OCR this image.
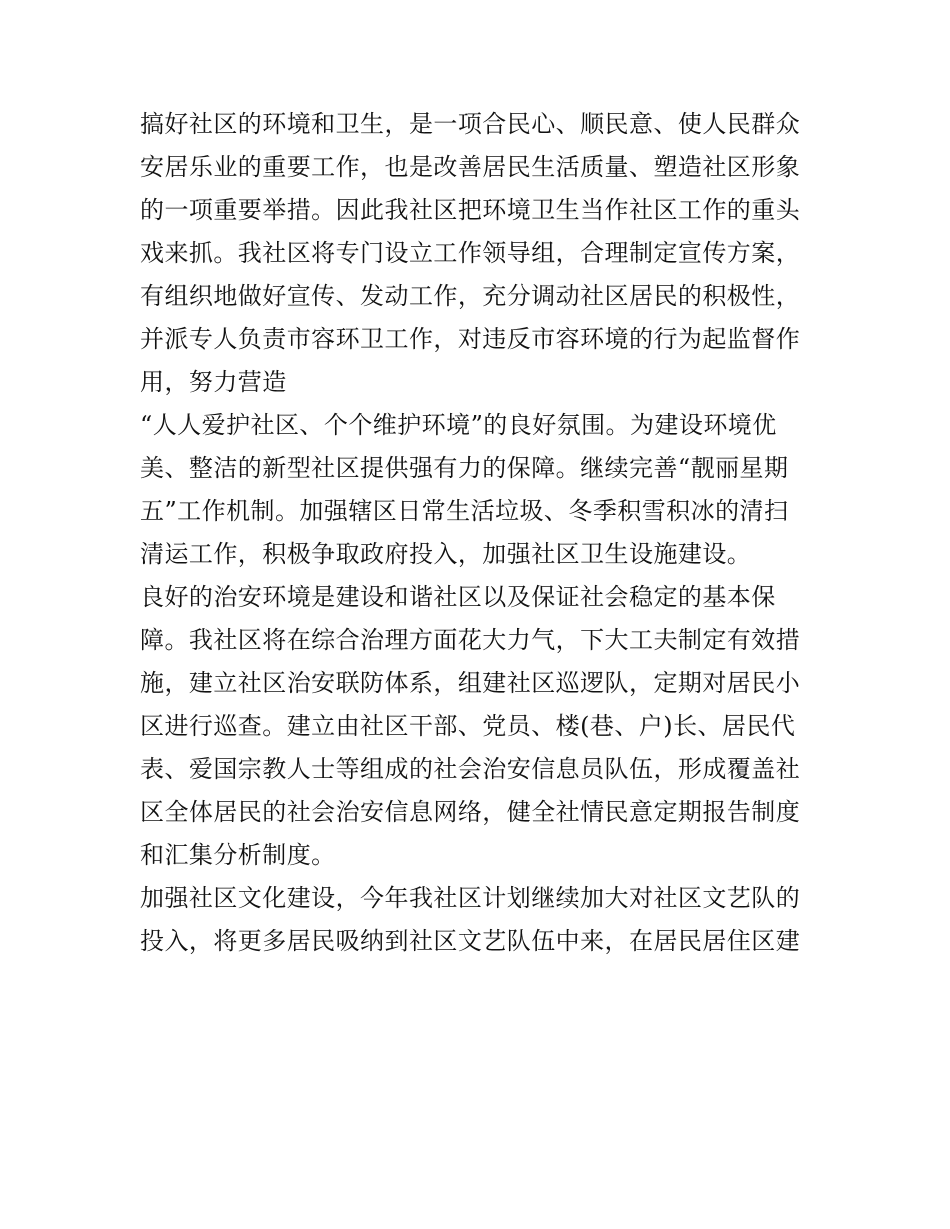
搞好社区的环境和卫生，是一项合民心、顺民意、使人民群众
安居乐业的重要工作，也是改善居民生活质量、塑造社区形象
的一项重要举措。因此我社区把环境卫生当作社区工作的重头
戏来抓。我社区将专门设立工作领导组，合理制定宣传方案，
有组织地做好宣传、发动工作，充分调动社区居民的积极性，
并派专人负责市容环卫工作，对违反市容环境的行为起监督作
用，努力营造
“人人爱护社区、个个维护环境”的良好氛围。为建设环境优
美、整洁的新型社区提供强有力的保障。继续完善“靓丽星期
五”工作机制。加强辖区日常生活垃圾、冬季积雪积冰的清扫
清运工作，积极争取政府投入，加强社区卫生设施建设。
良好的治安环境是建设和谐社区以及保证社会稳定的基本保
障。我社区将在综合治理方面花大力气，下大工夫制定有效措
施，建立社区治安联防体系，组建社区巡逻队，定期对居民小
区进行巡查。建立由社区干部、党员、楼(巷、户)长、居民代
表、爱国宗教人士等组成的社会治安信息员队伍，形成覆盖社
区全体居民的社会治安信息网络，健全社情民意定期报告制度
和汇集分析制度。
加强社区文化建设，今年我社区计划继续加大对社区文艺队的
投入，将更多居民吸纳到社区文艺队伍中来，在居民居住区建
